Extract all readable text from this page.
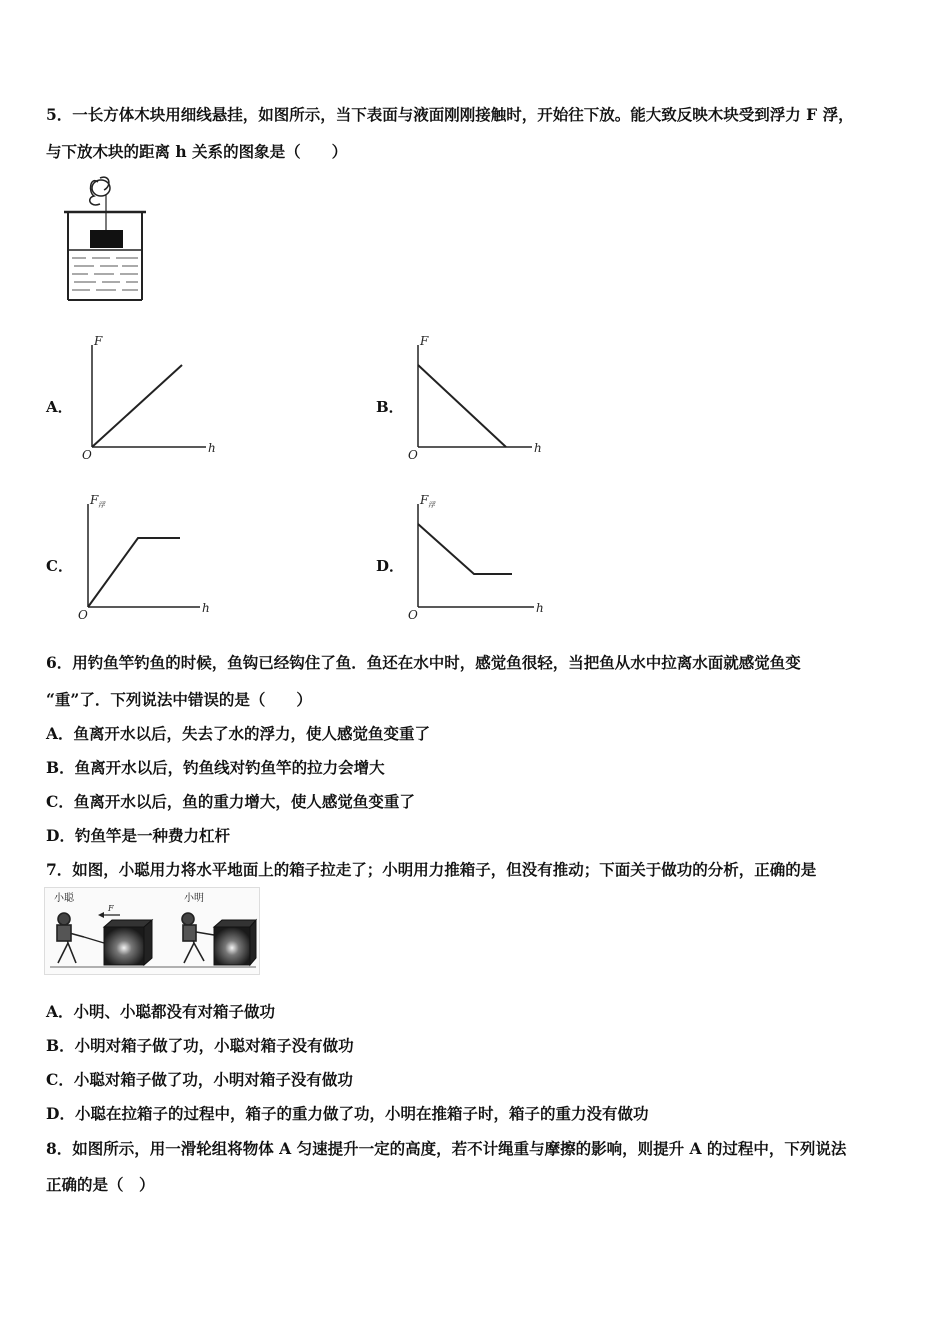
5．一长方体木块用细线悬挂，如图所示，当下表面与液面刚刚接触时，开始往下放。能大致反映木块受到浮力 F 浮，
与下放木块的距离 h 关系的图象是（　　）
A．
F
h
O
B．
F
h
O
C．
F 浮
h
O
D．
F 浮
h
O
6．用钓鱼竿钓鱼的时候，鱼钩已经钩住了鱼．鱼还在水中时，感觉鱼很轻，当把鱼从水中拉离水面就感觉鱼变
“重”了．下列说法中错误的是（　　）
A．鱼离开水以后，失去了水的浮力，使人感觉鱼变重了
B．鱼离开水以后，钓鱼线对钓鱼竿的拉力会增大
C．鱼离开水以后，鱼的重力增大，使人感觉鱼变重了
D．钓鱼竿是一种费力杠杆
7．如图，小聪用力将水平地面上的箱子拉走了；小明用力推箱子，但没有推动；下面关于做功的分析，正确的是
小聪	小明
F
A．小明、小聪都没有对箱子做功
B．小明对箱子做了功，小聪对箱子没有做功
C．小聪对箱子做了功，小明对箱子没有做功
D．小聪在拉箱子的过程中，箱子的重力做了功，小明在推箱子时，箱子的重力没有做功
8．如图所示，用一滑轮组将物体 A 匀速提升一定的高度，若不计绳重与摩擦的影响，则提升 A 的过程中，下列说法
正确的是（　）
